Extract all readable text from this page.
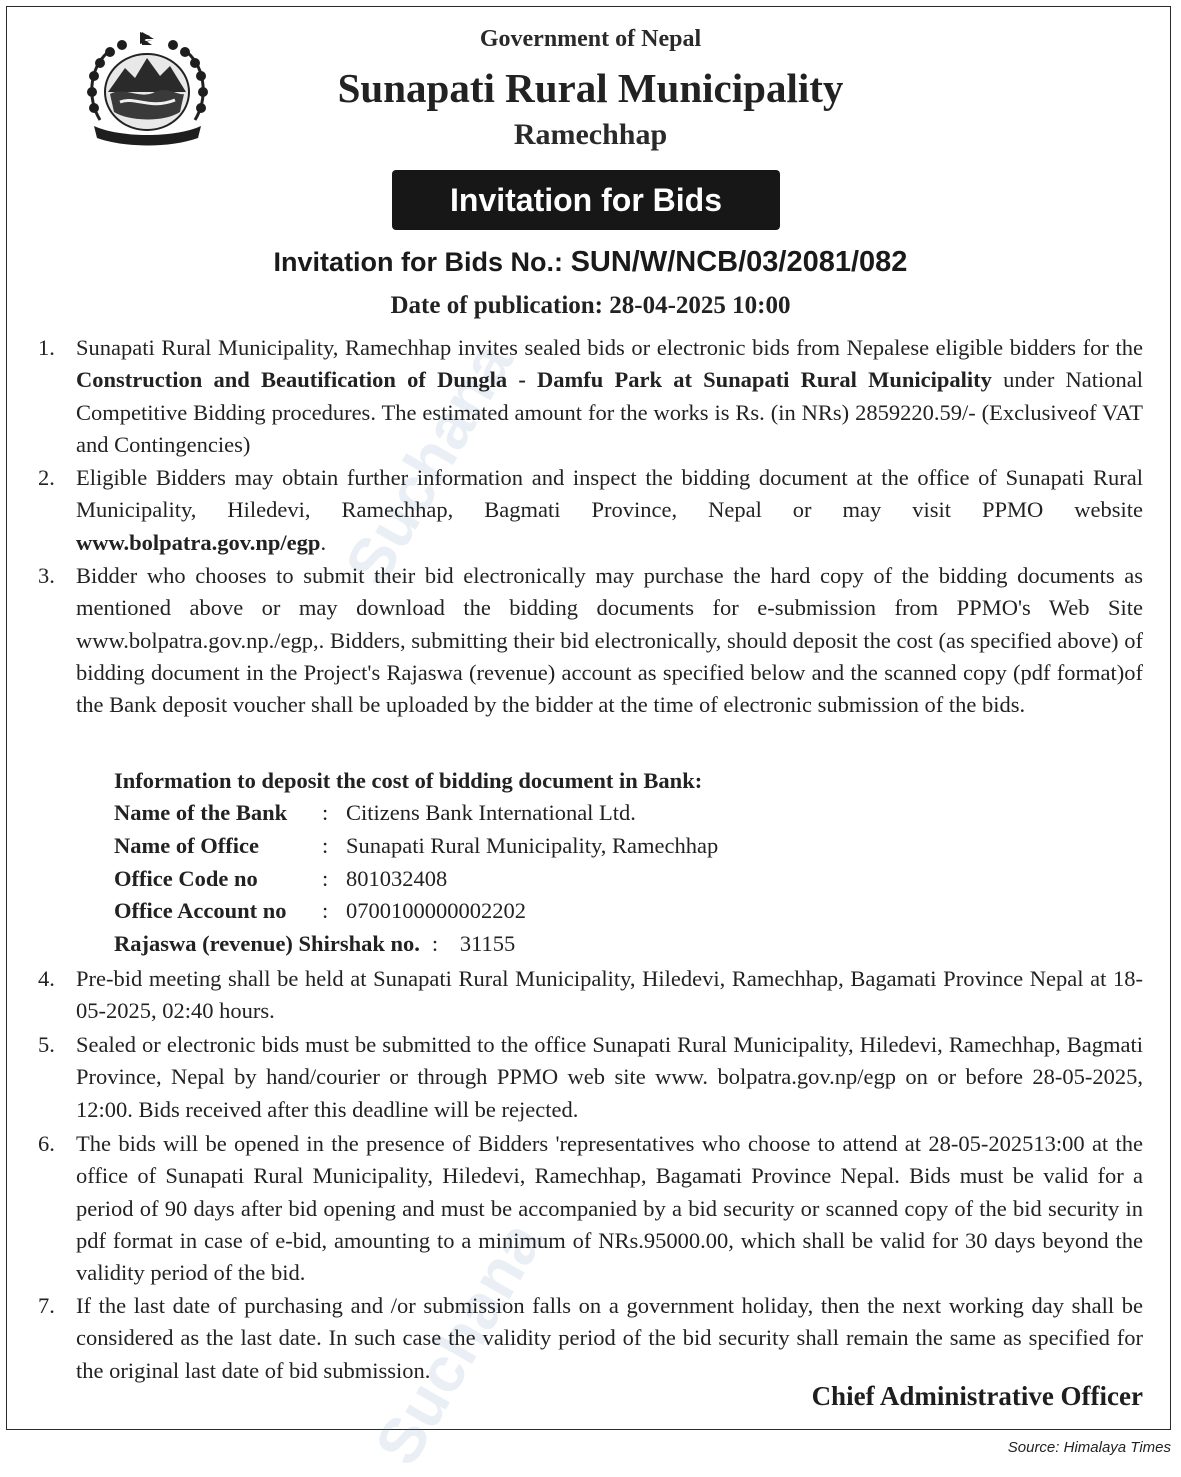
Suchana
Suchana
Government of Nepal
Sunapati Rural Municipality
Ramechhap
Invitation for Bids
Invitation for Bids No.: SUN/W/NCB/03/2081/082
Date of publication: 28-04-2025 10:00
1. Sunapati Rural Municipality, Ramechhap invites sealed bids or electronic bids from Nepalese eligible bidders for the Construction and Beautification of Dungla - Damfu Park at Sunapati Rural Municipality under National Competitive Bidding procedures. The estimated amount for the works is Rs. (in NRs) 2859220.59/- (Exclusiveof VAT and Contingencies)
2. Eligible Bidders may obtain further information and inspect the bidding document at the office of Sunapati Rural Municipality, Hiledevi, Ramechhap, Bagmati Province, Nepal or may visit PPMO website www.bolpatra.gov.np/egp.
3. Bidder who chooses to submit their bid electronically may purchase the hard copy of the bidding documents as mentioned above or may download the bidding documents for e-submission from PPMO's Web Site www.bolpatra.gov.np./egp,. Bidders, submitting their bid electronically, should deposit the cost (as specified above) of bidding document in the Project's Rajaswa (revenue) account as specified below and the scanned copy (pdf format)of the Bank deposit voucher shall be uploaded by the bidder at the time of electronic submission of the bids.
Information to deposit the cost of bidding document in Bank:
Name of the Bank : Citizens Bank International Ltd.
Name of Office	: Sunapati Rural Municipality, Ramechhap
Office Code no	: 801032408
Office Account no : 0700100000002202
Rajaswa (revenue) Shirshak no. : 31155
4. Pre-bid meeting shall be held at Sunapati Rural Municipality, Hiledevi, Ramechhap, Bagamati Province Nepal at 18-05-2025, 02:40 hours.
5. Sealed or electronic bids must be submitted to the office Sunapati Rural Municipality, Hiledevi, Ramechhap, Bagmati Province, Nepal by hand/courier or through PPMO web site www. bolpatra.gov.np/egp on or before 28-05-2025, 12:00. Bids received after this deadline will be rejected.
6. The bids will be opened in the presence of Bidders 'representatives who choose to attend at 28-05-202513:00 at the office of Sunapati Rural Municipality, Hiledevi, Ramechhap, Bagamati Province Nepal. Bids must be valid for a period of 90 days after bid opening and must be accompanied by a bid security or scanned copy of the bid security in pdf format in case of e-bid, amounting to a minimum of NRs.95000.00, which shall be valid for 30 days beyond the validity period of the bid.
7. If the last date of purchasing and /or submission falls on a government holiday, then the next working day shall be considered as the last date. In such case the validity period of the bid security shall remain the same as specified for the original last date of bid submission.
Chief Administrative Officer
Source: Himalaya Times
